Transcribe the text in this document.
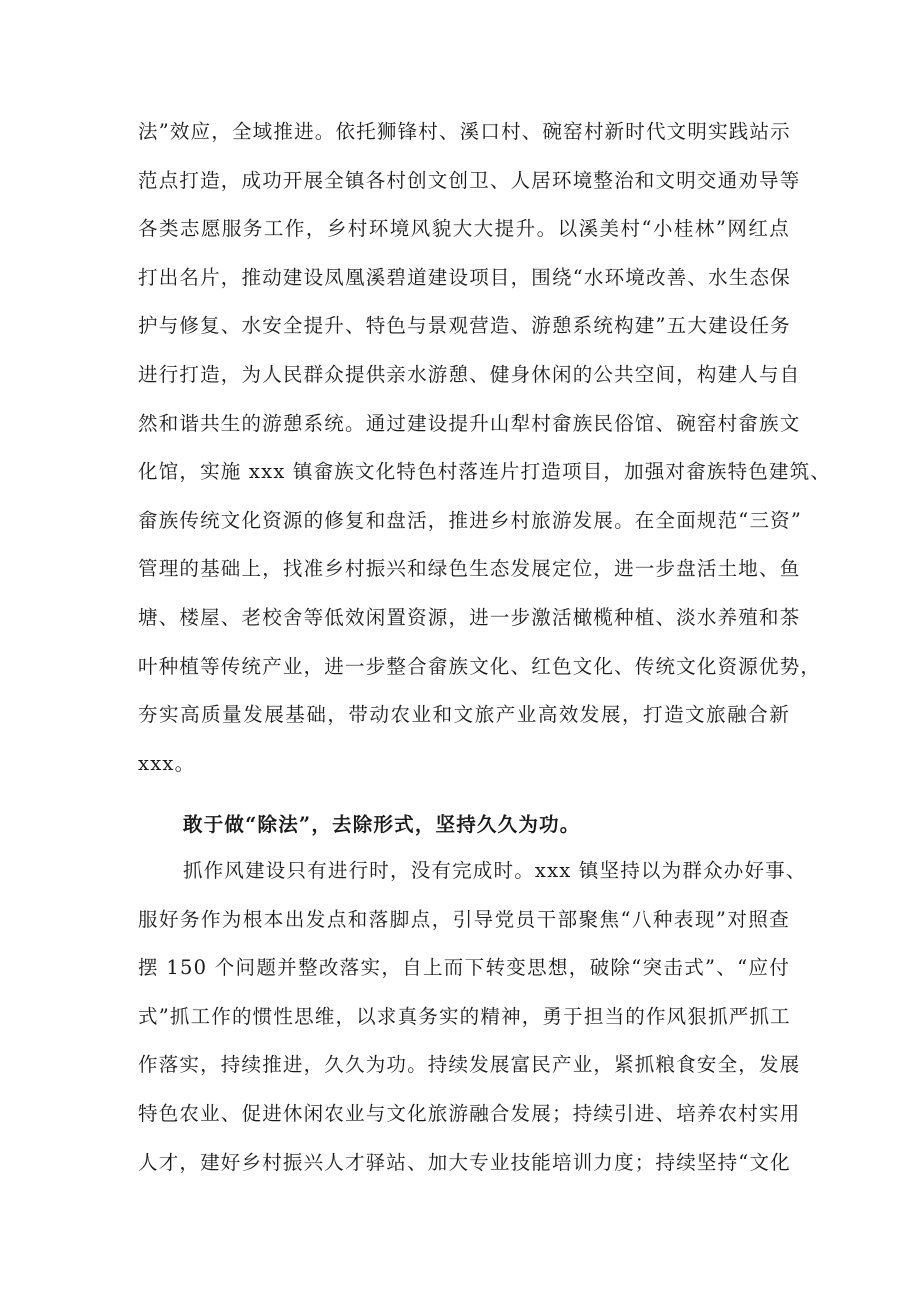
法”效应，全域推进。依托狮锋村、溪口村、碗窑村新时代文明实践站示
范点打造，成功开展全镇各村创文创卫、人居环境整治和文明交通劝导等
各类志愿服务工作，乡村环境风貌大大提升。以溪美村“小桂林”网红点
打出名片，推动建设凤凰溪碧道建设项目，围绕“水环境改善、水生态保
护与修复、水安全提升、特色与景观营造、游憩系统构建”五大建设任务
进行打造，为人民群众提供亲水游憩、健身休闲的公共空间，构建人与自
然和谐共生的游憩系统。通过建设提升山犁村畲族民俗馆、碗窑村畲族文
化馆，实施 xxx 镇畲族文化特色村落连片打造项目，加强对畲族特色建筑、
畲族传统文化资源的修复和盘活，推进乡村旅游发展。在全面规范“三资”
管理的基础上，找准乡村振兴和绿色生态发展定位，进一步盘活土地、鱼
塘、楼屋、老校舍等低效闲置资源，进一步激活橄榄种植、淡水养殖和茶
叶种植等传统产业，进一步整合畲族文化、红色文化、传统文化资源优势，
夯实高质量发展基础，带动农业和文旅产业高效发展，打造文旅融合新
xxx。
敢于做“除法”，去除形式，坚持久久为功。
抓作风建设只有进行时，没有完成时。xxx 镇坚持以为群众办好事、
服好务作为根本出发点和落脚点，引导党员干部聚焦“八种表现”对照查
摆 150 个问题并整改落实，自上而下转变思想，破除“突击式”、“应付
式”抓工作的惯性思维，以求真务实的精神，勇于担当的作风狠抓严抓工
作落实，持续推进，久久为功。持续发展富民产业，紧抓粮食安全，发展
特色农业、促进休闲农业与文化旅游融合发展；持续引进、培养农村实用
人才，建好乡村振兴人才驿站、加大专业技能培训力度；持续坚持“文化
